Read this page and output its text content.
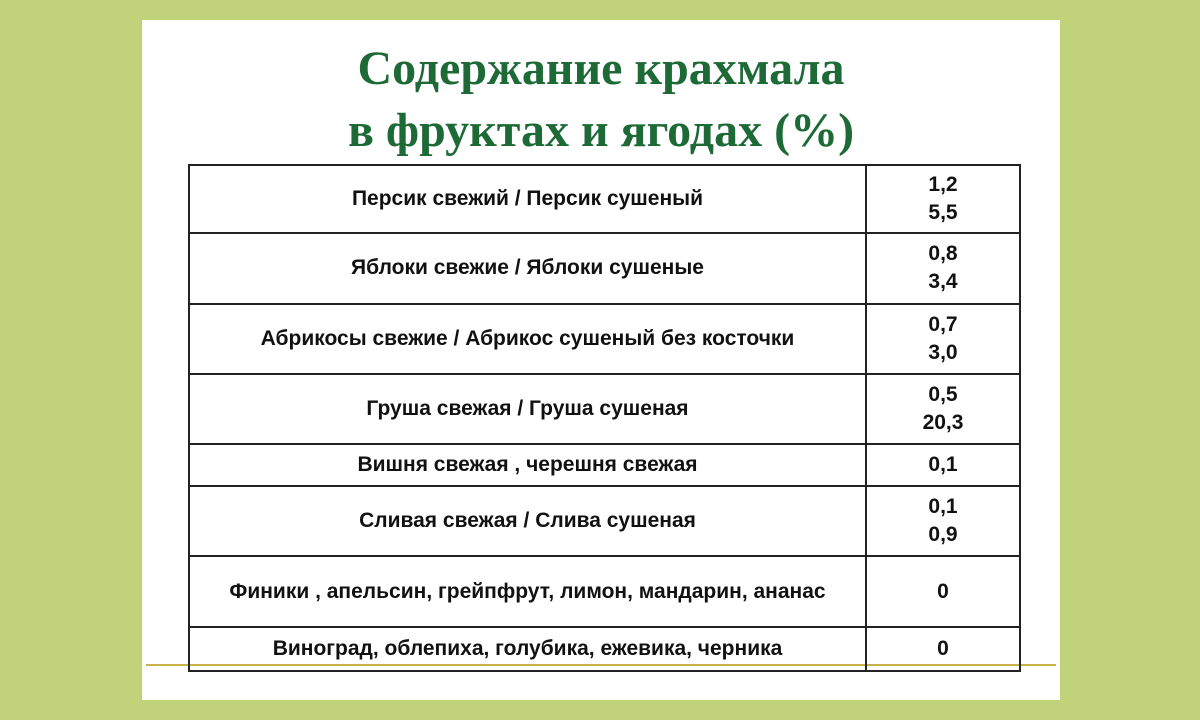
Содержание крахмала
в фруктах и ягодах (%)
Персик свежий / Персик сушеный	1,2
5,5

Яблоки свежие / Яблоки сушеные	0,8
3,4

Абрикосы свежие / Абрикос сушеный без косточки	0,7
3,0

Груша свежая / Груша сушеная	0,5
20,3

Вишня свежая , черешня свежая	0,1

Сливая свежая / Слива сушеная	0,1
0,9

Финики , апельсин, грейпфрут, лимон, мандарин, ананас	0

Виноград, облепиха, голубика, ежевика, черника	0
